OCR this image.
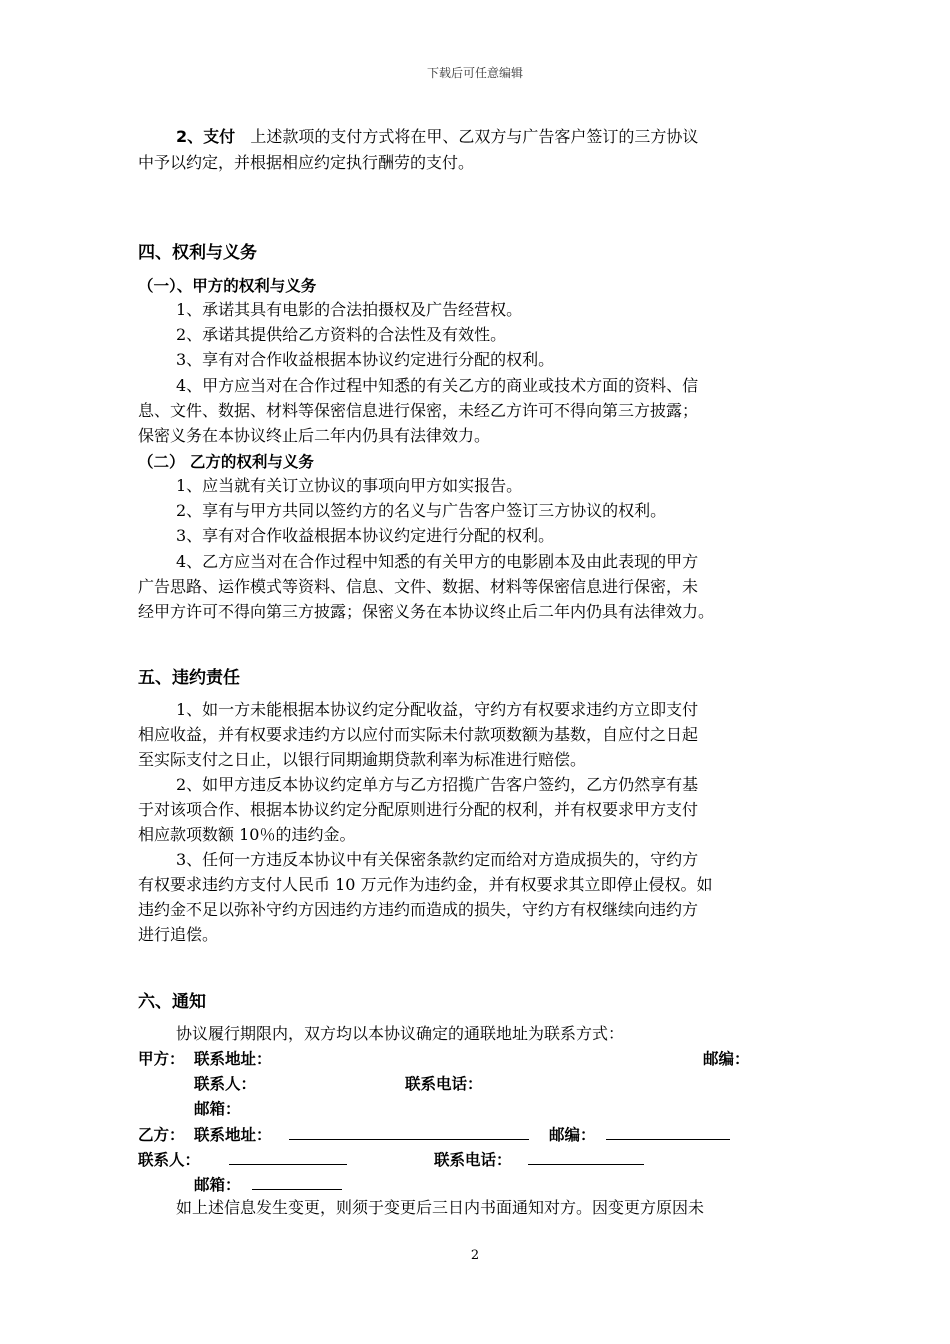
下载后可任意编辑
2、支付 上述款项的支付方式将在甲、乙双方与广告客户签订的三方协议
中予以约定，并根据相应约定执行酬劳的支付。
四、权利与义务
（一）、甲方的权利与义务
1、承诺其具有电影的合法拍摄权及广告经营权。
2、承诺其提供给乙方资料的合法性及有效性。
3、享有对合作收益根据本协议约定进行分配的权利。
4、甲方应当对在合作过程中知悉的有关乙方的商业或技术方面的资料、信
息、文件、数据、材料等保密信息进行保密，未经乙方许可不得向第三方披露；
保密义务在本协议终止后二年内仍具有法律效力。
（二） 乙方的权利与义务
1、应当就有关订立协议的事项向甲方如实报告。
2、享有与甲方共同以签约方的名义与广告客户签订三方协议的权利。
3、享有对合作收益根据本协议约定进行分配的权利。
4、乙方应当对在合作过程中知悉的有关甲方的电影剧本及由此表现的甲方
广告思路、运作模式等资料、信息、文件、数据、材料等保密信息进行保密，未
经甲方许可不得向第三方披露；保密义务在本协议终止后二年内仍具有法律效力。
五、违约责任
1、如一方未能根据本协议约定分配收益，守约方有权要求违约方立即支付
相应收益，并有权要求违约方以应付而实际未付款项数额为基数，自应付之日起
至实际支付之日止，以银行同期逾期贷款利率为标准进行赔偿。
2、如甲方违反本协议约定单方与乙方招揽广告客户签约，乙方仍然享有基
于对该项合作、根据本协议约定分配原则进行分配的权利，并有权要求甲方支付
相应款项数额 10％的违约金。
3、任何一方违反本协议中有关保密条款约定而给对方造成损失的，守约方
有权要求违约方支付人民币 10 万元作为违约金，并有权要求其立即停止侵权。如
违约金不足以弥补守约方因违约方违约而造成的损失，守约方有权继续向违约方
进行追偿。
六、通知
协议履行期限内，双方均以本协议确定的通联地址为联系方式：
甲方： 联系地址：	邮编：
联系人：	联系电话：
邮箱：
乙方： 联系地址：	邮编：
联系人：	联系电话：
邮箱：
如上述信息发生变更，则须于变更后三日内书面通知对方。因变更方原因未
2
